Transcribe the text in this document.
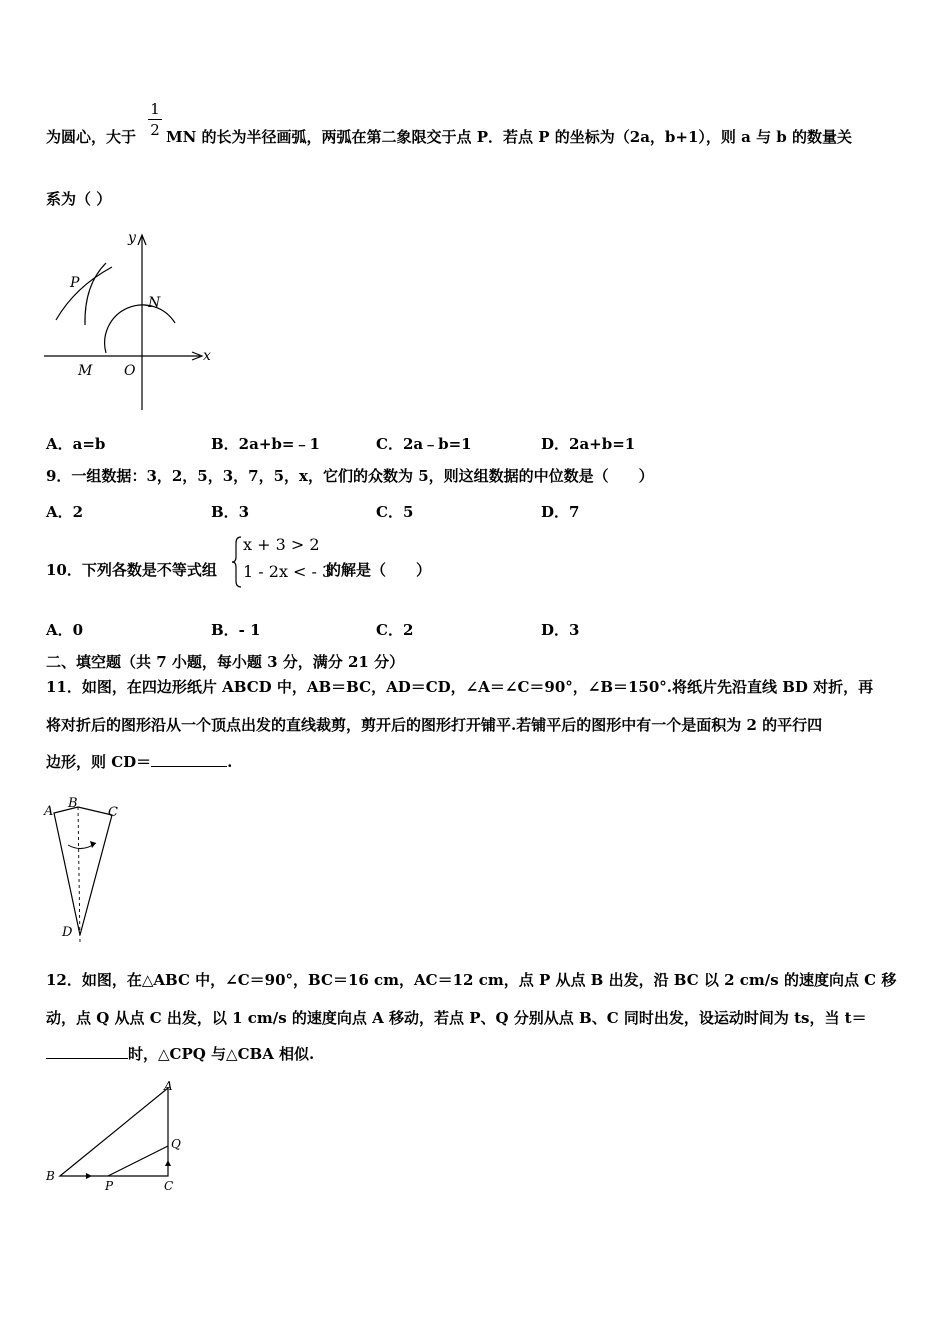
1
2
为圆心，大于 MN 的长为半径画弧，两弧在第二象限交于点 P．若点 P 的坐标为（2a，b+1），则 a 与 b 的数量关
系为（ ）
y
x
P
N
M O
A．a=b	B．2a+b=﹣1	C．2a﹣b=1	D．2a+b=1
9．一组数据：3，2，5，3，7，5，x，它们的众数为 5，则这组数据的中位数是（　　）
A．2	B．3	C．5	D．7
10．下列各数是不等式组
x + 3 > 2
1 - 2x < - 3
的解是（　　）
A．0	B．- 1	C．2	D．3
二、填空题（共 7 小题，每小题 3 分，满分 21 分）
11．如图，在四边形纸片 ABCD 中，AB＝BC，AD＝CD，∠A＝∠C＝90°，∠B＝150°.将纸片先沿直线 BD 对折，再
将对折后的图形沿从一个顶点出发的直线裁剪，剪开后的图形打开铺平.若铺平后的图形中有一个是面积为 2 的平行四
边形，则 CD＝	.
A
B
C
D
12．如图，在△ABC 中，∠C＝90°，BC＝16 cm，AC＝12 cm，点 P 从点 B 出发，沿 BC 以 2 cm/s 的速度向点 C 移
动，点 Q 从点 C 出发，以 1 cm/s 的速度向点 A 移动，若点 P、Q 分别从点 B、C 同时出发，设运动时间为 ts，当 t＝
时，△CPQ 与△CBA 相似.
A
Q
B
P	C
